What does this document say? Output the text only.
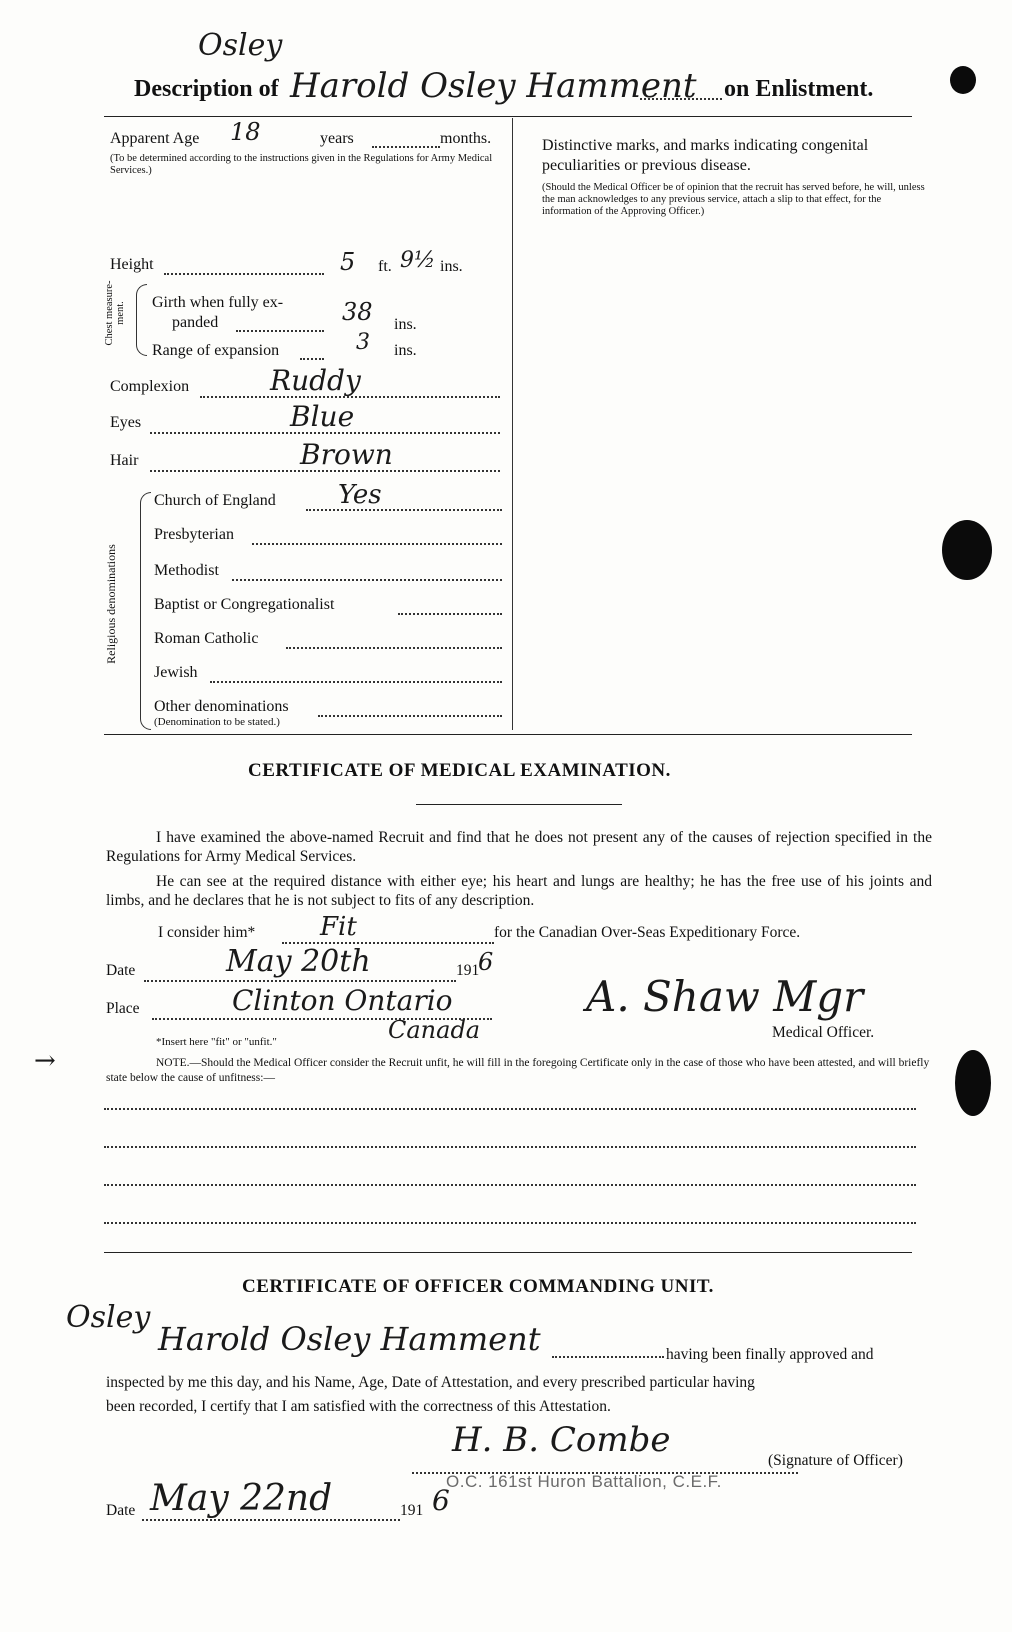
Osley
Description of Harold Osley Hamment on Enlistment.
Apparent Age 18	years	months.
(To be determined according to the instructions given in the Regulations for Army Medical Services.)
Height	5 ft. 9½ ins.
Chest measure-ment. Girth when fully ex-
panded	38 ins.
Range of expansion	3 ins.
Complexion	Ruddy
Eyes	Blue
Hair	Brown
Religious denominations
Church of England Yes
Presbyterian
Methodist
Baptist or Congregationalist
Roman Catholic
Jewish
Other denominations
(Denomination to be stated.)
Distinctive marks, and marks indicating congenital peculiarities or previous disease.
(Should the Medical Officer be of opinion that the recruit has served before, he will, unless the man acknowledges to any previous service, attach a slip to that effect, for the information of the Approving Officer.)
CERTIFICATE OF MEDICAL EXAMINATION.
I have examined the above-named Recruit and find that he does not present any of the causes of rejection specified in the Regulations for Army Medical Services.
He can see at the required distance with either eye; his heart and lungs are healthy; he has the free use of his joints and limbs, and he declares that he is not subject to fits of any description.
I consider him* Fit	for the Canadian Over-Seas Expeditionary Force.
Date	May 20th	191
6
Place	Clinton Ontario
Canada
*Insert here "fit" or "unfit."
A. Shaw Mgr
Medical Officer.
→	NOTE.—Should the Medical Officer consider the Recruit unfit, he will fill in the foregoing Certificate only in the case of those who have been attested, and will briefly state below the cause of unfitness:—
CERTIFICATE OF OFFICER COMMANDING UNIT.
Osley
Harold Osley Hamment	having been finally approved and
inspected by me this day, and his Name, Age, Date of Attestation, and every prescribed particular having
been recorded, I certify that I am satisfied with the correctness of this Attestation.
H. B. Combe
(Signature of Officer)
O.C. 161st Huron Battalion, C.E.F.
Date May 22nd	191 6
